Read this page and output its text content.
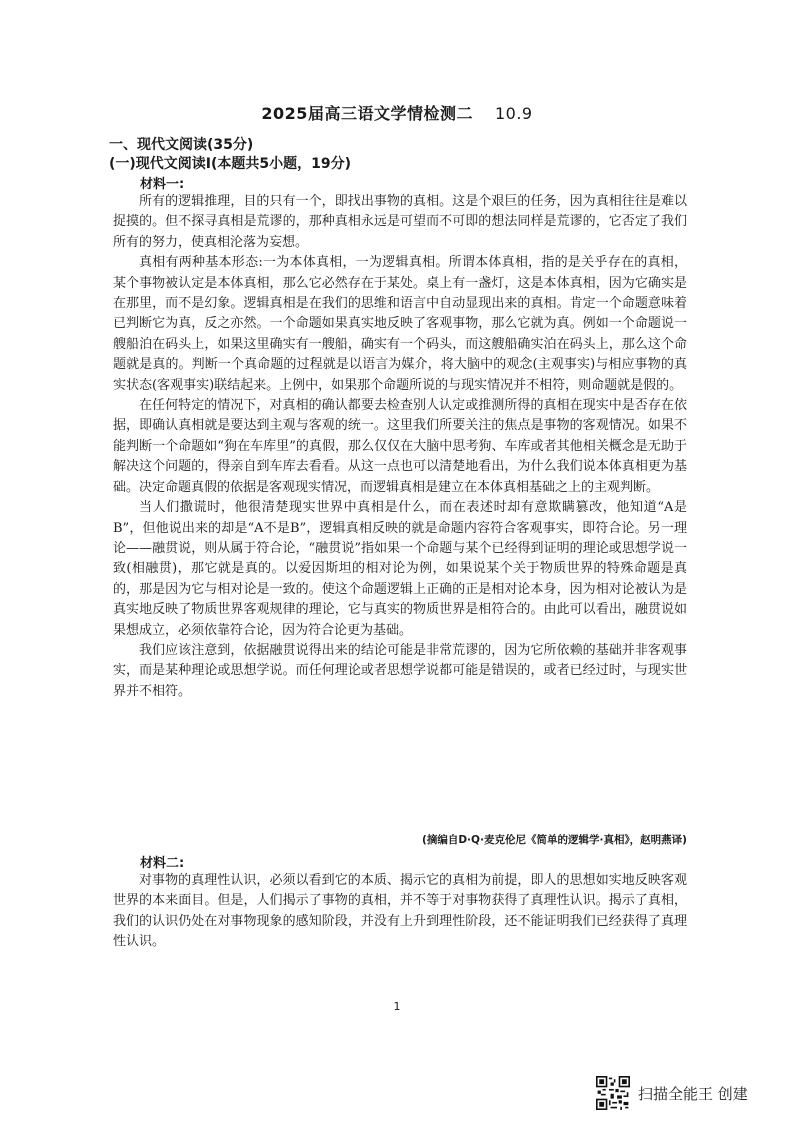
2025届高三语文学情检测二 10.9
一、现代文阅读(35分)
(一)现代文阅读Ⅰ(本题共5小题，19分)
材料一:

所有的逻辑推理，目的只有一个，即找出事物的真相。这是个艰巨的任务，因为真相往往是难以捉摸的。但不探寻真相是荒谬的，那种真相永远是可望而不可即的想法同样是荒谬的，它否定了我们所有的努力，使真相沦落为妄想。

真相有两种基本形态:一为本体真相，一为逻辑真相。所谓本体真相，指的是关乎存在的真相，某个事物被认定是本体真相，那么它必然存在于某处。桌上有一盏灯，这是本体真相，因为它确实是在那里，而不是幻象。逻辑真相是在我们的思维和语言中自动显现出来的真相。肯定一个命题意味着已判断它为真，反之亦然。一个命题如果真实地反映了客观事物，那么它就为真。例如一个命题说一艘船泊在码头上，如果这里确实有一艘船，确实有一个码头，而这艘船确实泊在码头上，那么这个命题就是真的。判断一个真命题的过程就是以语言为媒介，将大脑中的观念(主观事实)与相应事物的真实状态(客观事实)联结起来。上例中，如果那个命题所说的与现实情况并不相符，则命题就是假的。

在任何特定的情况下，对真相的确认都要去检查别人认定或推测所得的真相在现实中是否存在依据，即确认真相就是要达到主观与客观的统一。这里我们所要关注的焦点是事物的客观情况。如果不能判断一个命题如“狗在车库里”的真假，那么仅仅在大脑中思考狗、车库或者其他相关概念是无助于解决这个问题的，得亲自到车库去看看。从这一点也可以清楚地看出，为什么我们说本体真相更为基础。决定命题真假的依据是客观现实情况，而逻辑真相是建立在本体真相基础之上的主观判断。

当人们撒谎时，他很清楚现实世界中真相是什么，而在表述时却有意欺瞒篡改，他知道“A是B”，但他说出来的却是“A不是B”，逻辑真相反映的就是命题内容符合客观事实，即符合论。另一理论——融贯说，则从属于符合论，“融贯说”指如果一个命题与某个已经得到证明的理论或思想学说一致(相融贯)，那它就是真的。以爱因斯坦的相对论为例，如果说某个关于物质世界的特殊命题是真的，那是因为它与相对论是一致的。使这个命题逻辑上正确的正是相对论本身，因为相对论被认为是真实地反映了物质世界客观规律的理论，它与真实的物质世界是相符合的。由此可以看出，融贯说如果想成立，必须依靠符合论，因为符合论更为基础。

我们应该注意到，依据融贯说得出来的结论可能是非常荒谬的，因为它所依赖的基础并非客观事实，而是某种理论或思想学说。而任何理论或者思想学说都可能是错误的，或者已经过时，与现实世界并不相符。

(摘编自D·Q·麦克伦尼《简单的逻辑学·真相》，赵明燕译)
材料二:

对事物的真理性认识，必须以看到它的本质、揭示它的真相为前提，即人的思想如实地反映客观世界的本来面目。但是，人们揭示了事物的真相，并不等于对事物获得了真理性认识。揭示了真相，我们的认识仍处在对事物现象的感知阶段，并没有上升到理性阶段，还不能证明我们已经获得了真理性认识。

1
扫描全能王 创建
